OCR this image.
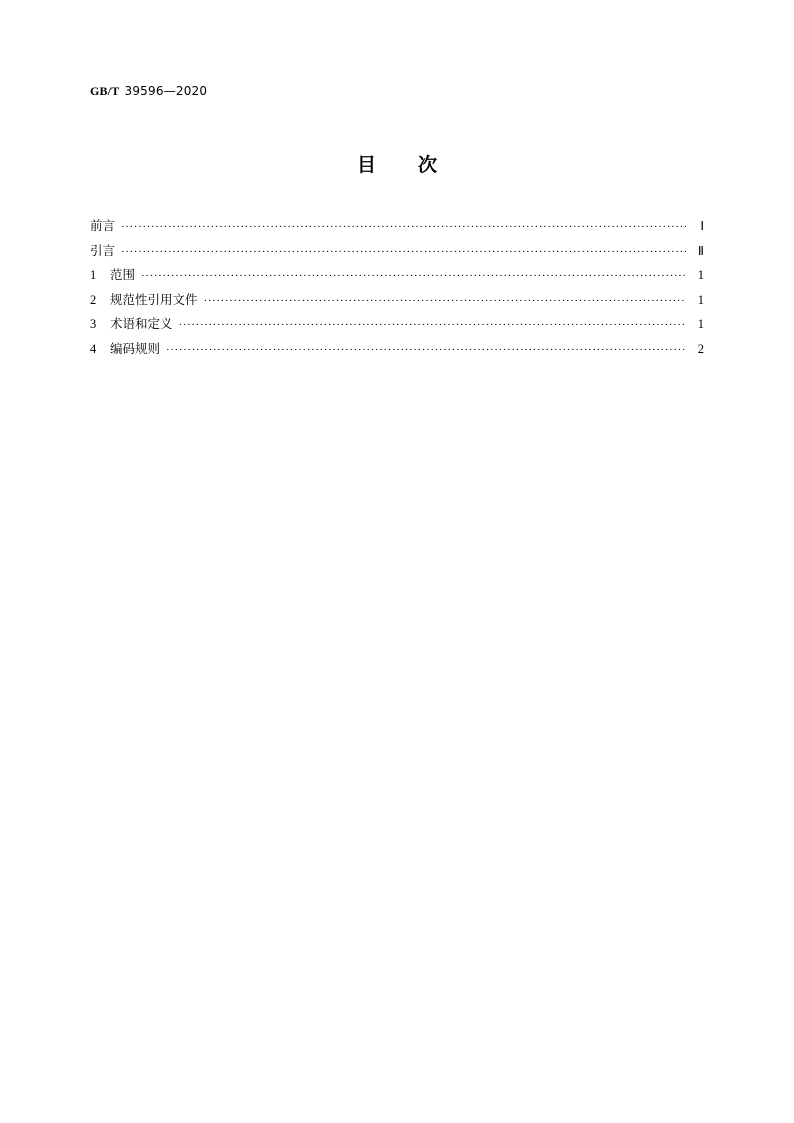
GB/T 39596—2020
目次
前言 ·····	Ⅰ
引言 ·····	Ⅱ
1	范围 ·····	1
2	规范性引用文件 ·····	1
3	术语和定义 ·····	1
4	编码规则 ·····	2
